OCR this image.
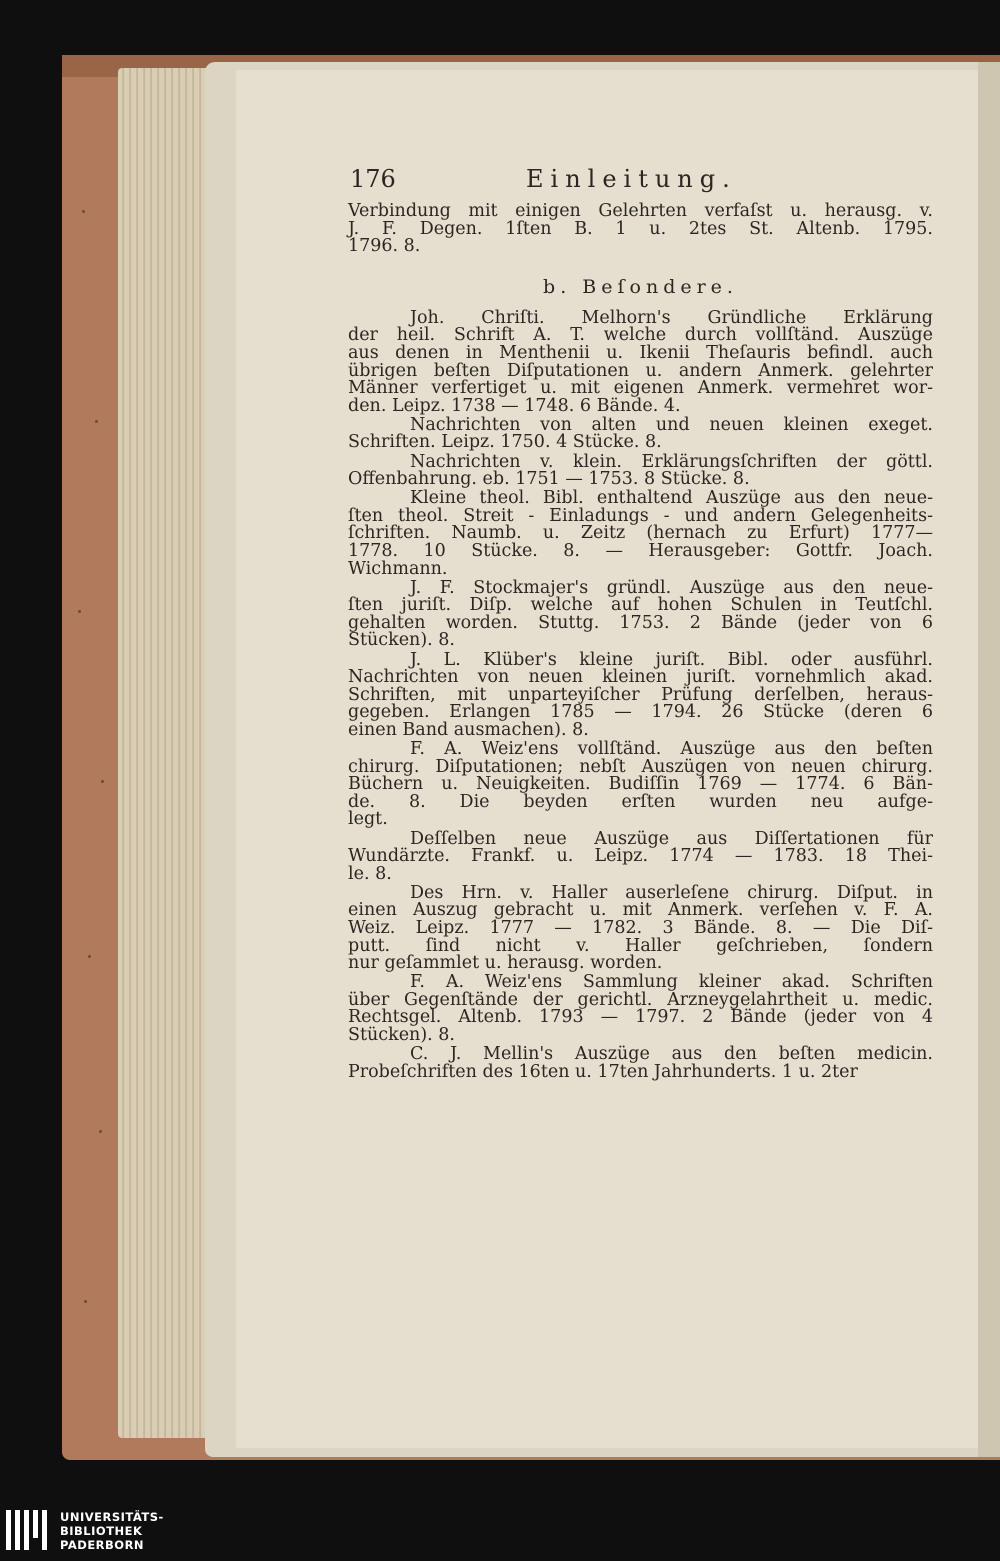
176	Einleitung.
Verbindung mit einigen Gelehrten verfaſst u. herausg. v.
J. F. Degen. 1ſten B. 1 u. 2tes St. Altenb. 1795.
1796. 8.
b. Beſondere.
Joh. Chriſti. Melhorn's Gründliche Erklärung
der heil. Schrift A. T. welche durch vollſtänd. Auszüge
aus denen in Menthenii u. Ikenii Theſauris befindl. auch
übrigen beſten Diſputationen u. andern Anmerk. gelehrter
Männer verfertiget u. mit eigenen Anmerk. vermehret wor-
den. Leipz. 1738 — 1748. 6 Bände. 4.
Nachrichten von alten und neuen kleinen exeget.
Schriften. Leipz. 1750. 4 Stücke. 8.
Nachrichten v. klein. Erklärungsſchriften der göttl.
Offenbahrung. eb. 1751 — 1753. 8 Stücke. 8.
Kleine theol. Bibl. enthaltend Auszüge aus den neue-
ſten theol. Streit - Einladungs - und andern Gelegenheits-
ſchriften. Naumb. u. Zeitz (hernach zu Erfurt) 1777—
1778. 10 Stücke. 8. — Herausgeber: Gottfr. Joach.
Wichmann.
J. F. Stockmajer's gründl. Auszüge aus den neue-
ſten juriſt. Diſp. welche auf hohen Schulen in Teutſchl.
gehalten worden. Stuttg. 1753. 2 Bände (jeder von 6
Stücken). 8.
J. L. Klüber's kleine juriſt. Bibl. oder ausführl.
Nachrichten von neuen kleinen juriſt. vornehmlich akad.
Schriften, mit unparteyiſcher Prüfung derſelben, heraus-
gegeben. Erlangen 1785 — 1794. 26 Stücke (deren 6
einen Band ausmachen). 8.
F. A. Weiz'ens vollſtänd. Auszüge aus den beſten
chirurg. Diſputationen; nebſt Auszügen von neuen chirurg.
Büchern u. Neuigkeiten. Budiſſin 1769 — 1774. 6 Bän-
de. 8. Die beyden erſten wurden neu aufge-
legt.
Deſſelben neue Auszüge aus Diſſertationen für
Wundärzte. Frankf. u. Leipz. 1774 — 1783. 18 Thei-
le. 8.
Des Hrn. v. Haller auserleſene chirurg. Diſput. in
einen Auszug gebracht u. mit Anmerk. verſehen v. F. A.
Weiz. Leipz. 1777 — 1782. 3 Bände. 8. — Die Diſ-
putt. ſind nicht v. Haller geſchrieben, ſondern
nur geſammlet u. herausg. worden.
F. A. Weiz'ens Sammlung kleiner akad. Schriften
über Gegenſtände der gerichtl. Arzneygelahrtheit u. medic.
Rechtsgel. Altenb. 1793 — 1797. 2 Bände (jeder von 4
Stücken). 8.
C. J. Mellin's Auszüge aus den beſten medicin.
Probeſchriften des 16ten u. 17ten Jahrhunderts. 1 u. 2ter
UNIVERSITÄTS-
BIBLIOTHEK
PADERBORN
